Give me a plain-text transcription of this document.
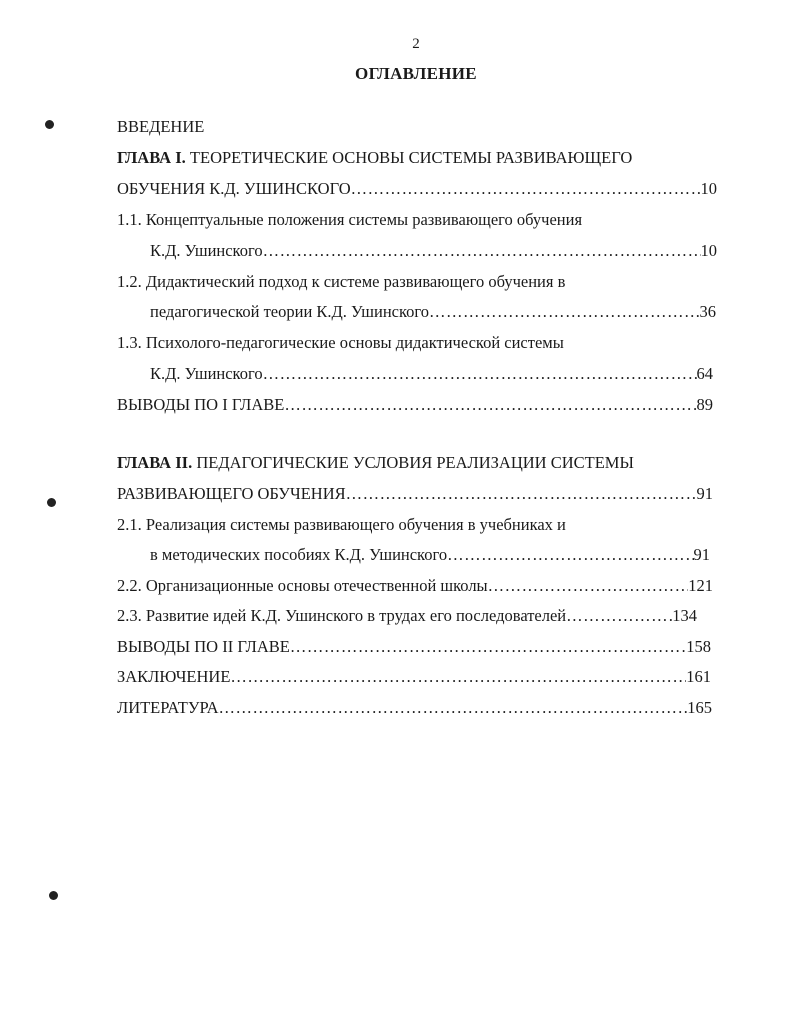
2
ОГЛАВЛЕНИЕ
ВВЕДЕНИЕ
ГЛАВА I. ТЕОРЕТИЧЕСКИЕ ОСНОВЫ СИСТЕМЫ РАЗВИВАЮЩЕГО
ОБУЧЕНИЯ К.Д. УШИНСКОГО …………………………………………………………………………………………………………………………………	10
1.1. Концептуальные положения системы развивающего обучения
К.Д. Ушинского …………………………………………………………………………………………………………………………………	10
1.2. Дидактический подход к системе развивающего обучения в
педагогической теории К.Д. Ушинского …………………………………………………………………………………………………………………………………	36
1.3. Психолого-педагогические основы дидактической системы
К.Д. Ушинского …………………………………………………………………………………………………………………………………	64
ВЫВОДЫ ПО I ГЛАВЕ …………………………………………………………………………………………………………………………………	89
ГЛАВА II. ПЕДАГОГИЧЕСКИЕ УСЛОВИЯ РЕАЛИЗАЦИИ СИСТЕМЫ
РАЗВИВАЮЩЕГО ОБУЧЕНИЯ …………………………………………………………………………………………………………………………………	91
2.1. Реализация системы развивающего обучения в учебниках и
в методических пособиях К.Д. Ушинского …………………………………………………………………………………………………………………………………	91
2.2. Организационные основы отечественной школы …………………………………………………………………………………………………………………………………	121
2.3. Развитие идей К.Д. Ушинского в трудах его последователей …………………………………………………………………………………………………………………………………	134
ВЫВОДЫ ПО II ГЛАВЕ …………………………………………………………………………………………………………………………………	158
ЗАКЛЮЧЕНИЕ …………………………………………………………………………………………………………………………………	161
ЛИТЕРАТУРА …………………………………………………………………………………………………………………………………	165
